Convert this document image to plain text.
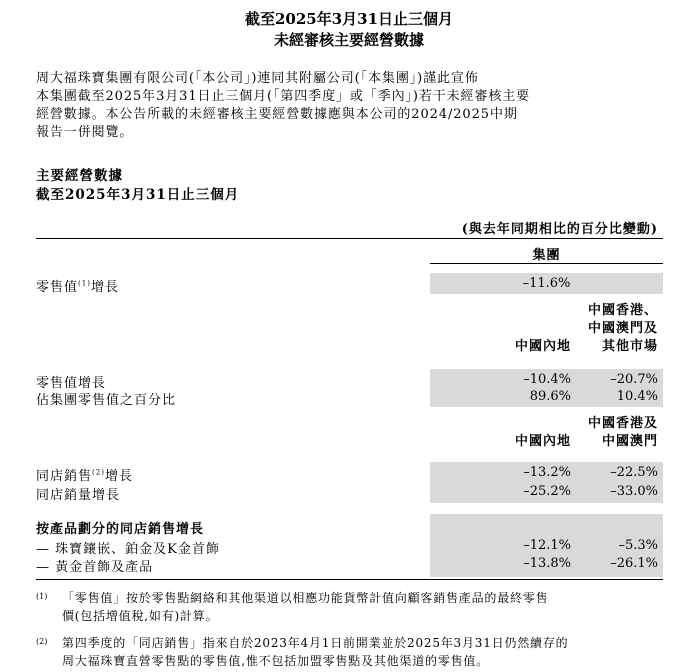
截至2025年3月31日止三個月
未經審核主要經營數據
周大福珠寶集團有限公司(「本公司」)連同其附屬公司(「本集團」)謹此宣佈
本集團截至2025年3月31日止三個月(「第四季度」或「季內」)若干未經審核主要
經營數據。本公告所載的未經審核主要經營數據應與本公司的2024/2025中期
報告一併閱覽。
主要經營數據
截至2025年3月31日止三個月
(與去年同期相比的百分比變動)
集團
零售值$^{(1)}$增長	–11.6%
中國內地
中國香港、
中國澳門及
其他市場
零售值增長	–10.4%	–20.7%
佔集團零售值之百分比	89.6%	10.4%
中國內地
中國香港及
中國澳門
同店銷售$^{(2)}$增長	–13.2%	–22.5%
同店銷量增長	–25.2%	–33.0%
按產品劃分的同店銷售增長
— 珠寶鑲嵌、鉑金及K金首飾	–12.1%	–5.3%
— 黃金首飾及產品	–13.8%	–26.1%
(1) 「零售值」按於零售點網絡和其他渠道以相應功能貨幣計值向顧客銷售產品的最終零售
價(包括增值稅,如有)計算。
(2) 第四季度的「同店銷售」指來自於2023年4月1日前開業並於2025年3月31日仍然續存的
周大福珠寶直營零售點的零售值,惟不包括加盟零售點及其他渠道的零售值。
